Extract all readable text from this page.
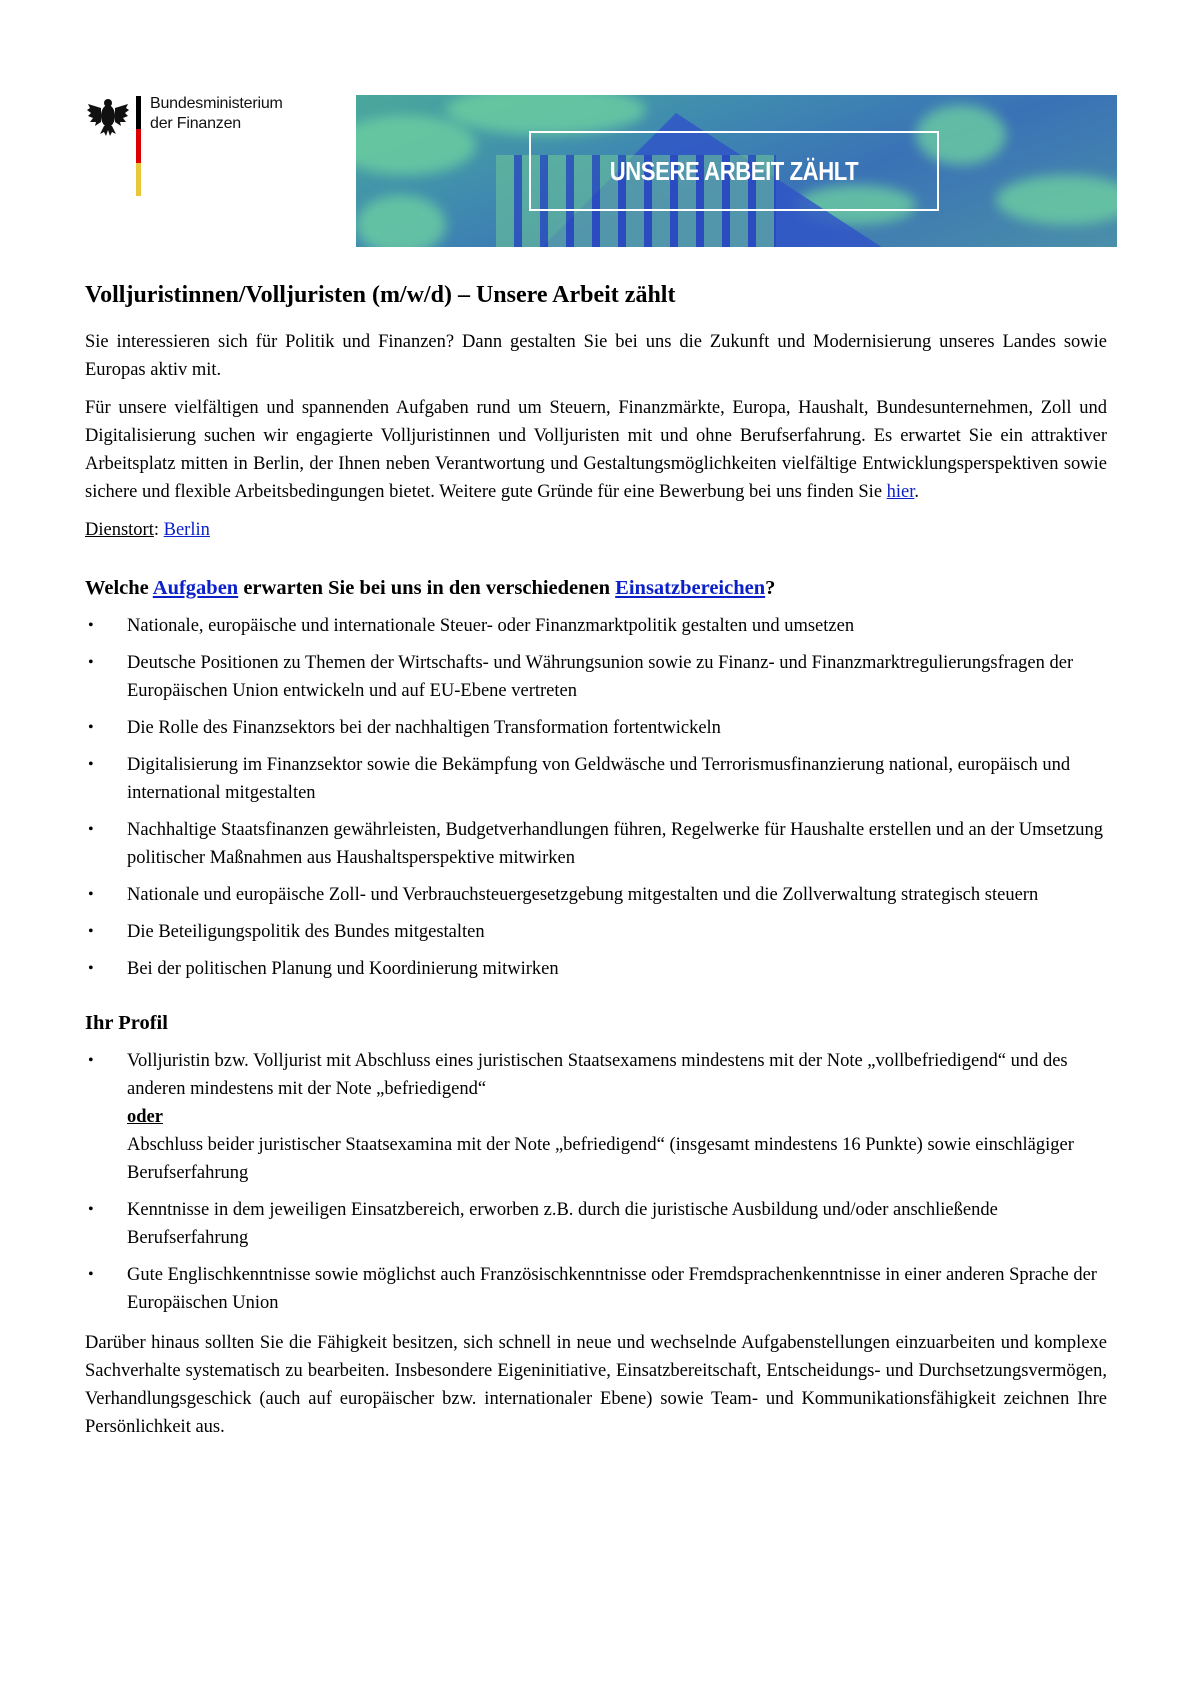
Bundesministerium
der Finanzen
UNSERE ARBEIT ZÄHLT
Volljuristinnen/Volljuristen (m/w/d) – Unsere Arbeit zählt

Sie interessieren sich für Politik und Finanzen? Dann gestalten Sie bei uns die Zukunft und Modernisierung unseres Landes sowie Europas aktiv mit.

Für unsere vielfältigen und spannenden Aufgaben rund um Steuern, Finanzmärkte, Europa, Haushalt, Bundesunternehmen, Zoll und Digitalisierung suchen wir engagierte Volljuristinnen und Volljuristen mit und ohne Berufserfahrung. Es erwartet Sie ein attraktiver Arbeitsplatz mitten in Berlin, der Ihnen neben Verantwortung und Gestaltungsmöglichkeiten vielfältige Entwicklungsperspektiven sowie sichere und flexible Arbeitsbedingungen bietet. Weitere gute Gründe für eine Bewerbung bei uns finden Sie hier.

Dienstort: Berlin

Welche Aufgaben erwarten Sie bei uns in den verschiedenen Einsatzbereichen?
• Nationale, europäische und internationale Steuer- oder Finanzmarktpolitik gestalten und umsetzen
• Deutsche Positionen zu Themen der Wirtschafts- und Währungsunion sowie zu Finanz- und Finanzmarktregulierungsfragen der Europäischen Union entwickeln und auf EU-Ebene vertreten
• Die Rolle des Finanzsektors bei der nachhaltigen Transformation fortentwickeln
• Digitalisierung im Finanzsektor sowie die Bekämpfung von Geldwäsche und Terrorismusfinanzierung national, europäisch und international mitgestalten
• Nachhaltige Staatsfinanzen gewährleisten, Budgetverhandlungen führen, Regelwerke für Haushalte erstellen und an der Umsetzung politischer Maßnahmen aus Haushaltsperspektive mitwirken
• Nationale und europäische Zoll- und Verbrauchsteuergesetzgebung mitgestalten und die Zollverwaltung strategisch steuern
• Die Beteiligungspolitik des Bundes mitgestalten
• Bei der politischen Planung und Koordinierung mitwirken
Ihr Profil
• Volljuristin bzw. Volljurist mit Abschluss eines juristischen Staatsexamens mindestens mit der Note „vollbefriedigend“ und des anderen mindestens mit der Note „befriedigend“
oder
Abschluss beider juristischer Staatsexamina mit der Note „befriedigend“ (insgesamt mindestens 16 Punkte) sowie einschlägiger Berufserfahrung
• Kenntnisse in dem jeweiligen Einsatzbereich, erworben z.B. durch die juristische Ausbildung und/oder anschließende Berufserfahrung
• Gute Englischkenntnisse sowie möglichst auch Französischkenntnisse oder Fremdsprachenkenntnisse in einer anderen Sprache der Europäischen Union

Darüber hinaus sollten Sie die Fähigkeit besitzen, sich schnell in neue und wechselnde Aufgabenstellungen einzuarbeiten und komplexe Sachverhalte systematisch zu bearbeiten. Insbesondere Eigeninitiative, Einsatzbereitschaft, Entscheidungs- und Durchsetzungsvermögen, Verhandlungsgeschick (auch auf europäischer bzw. internationaler Ebene) sowie Team- und Kommunikationsfähigkeit zeichnen Ihre Persönlichkeit aus.
